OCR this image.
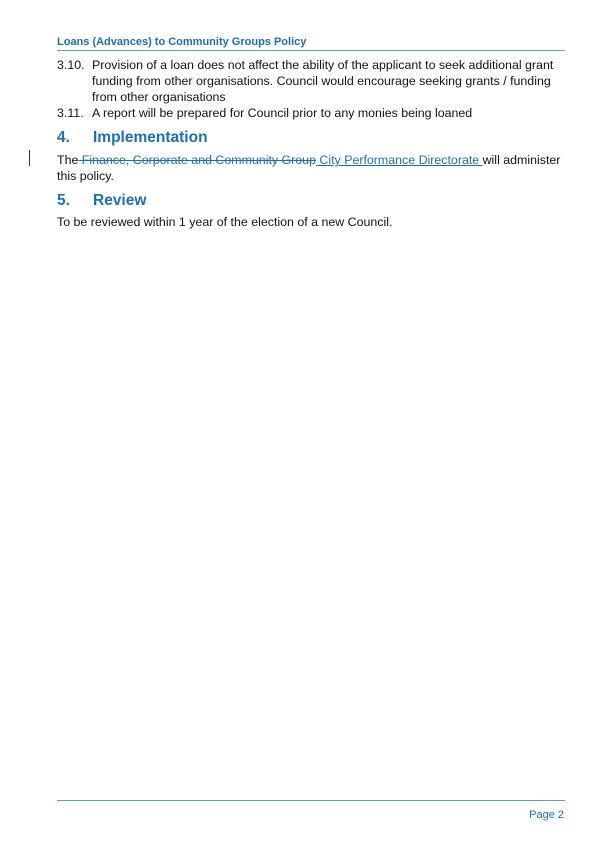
Loans (Advances) to Community Groups Policy
3.10. Provision of a loan does not affect the ability of the applicant to seek additional grant funding from other organisations. Council would encourage seeking grants / funding from other organisations
3.11. A report will be prepared for Council prior to any monies being loaned
4. Implementation
The Finance, Corporate and Community Group City Performance Directorate will administer this policy.
5. Review
To be reviewed within 1 year of the election of a new Council.
Page 2
